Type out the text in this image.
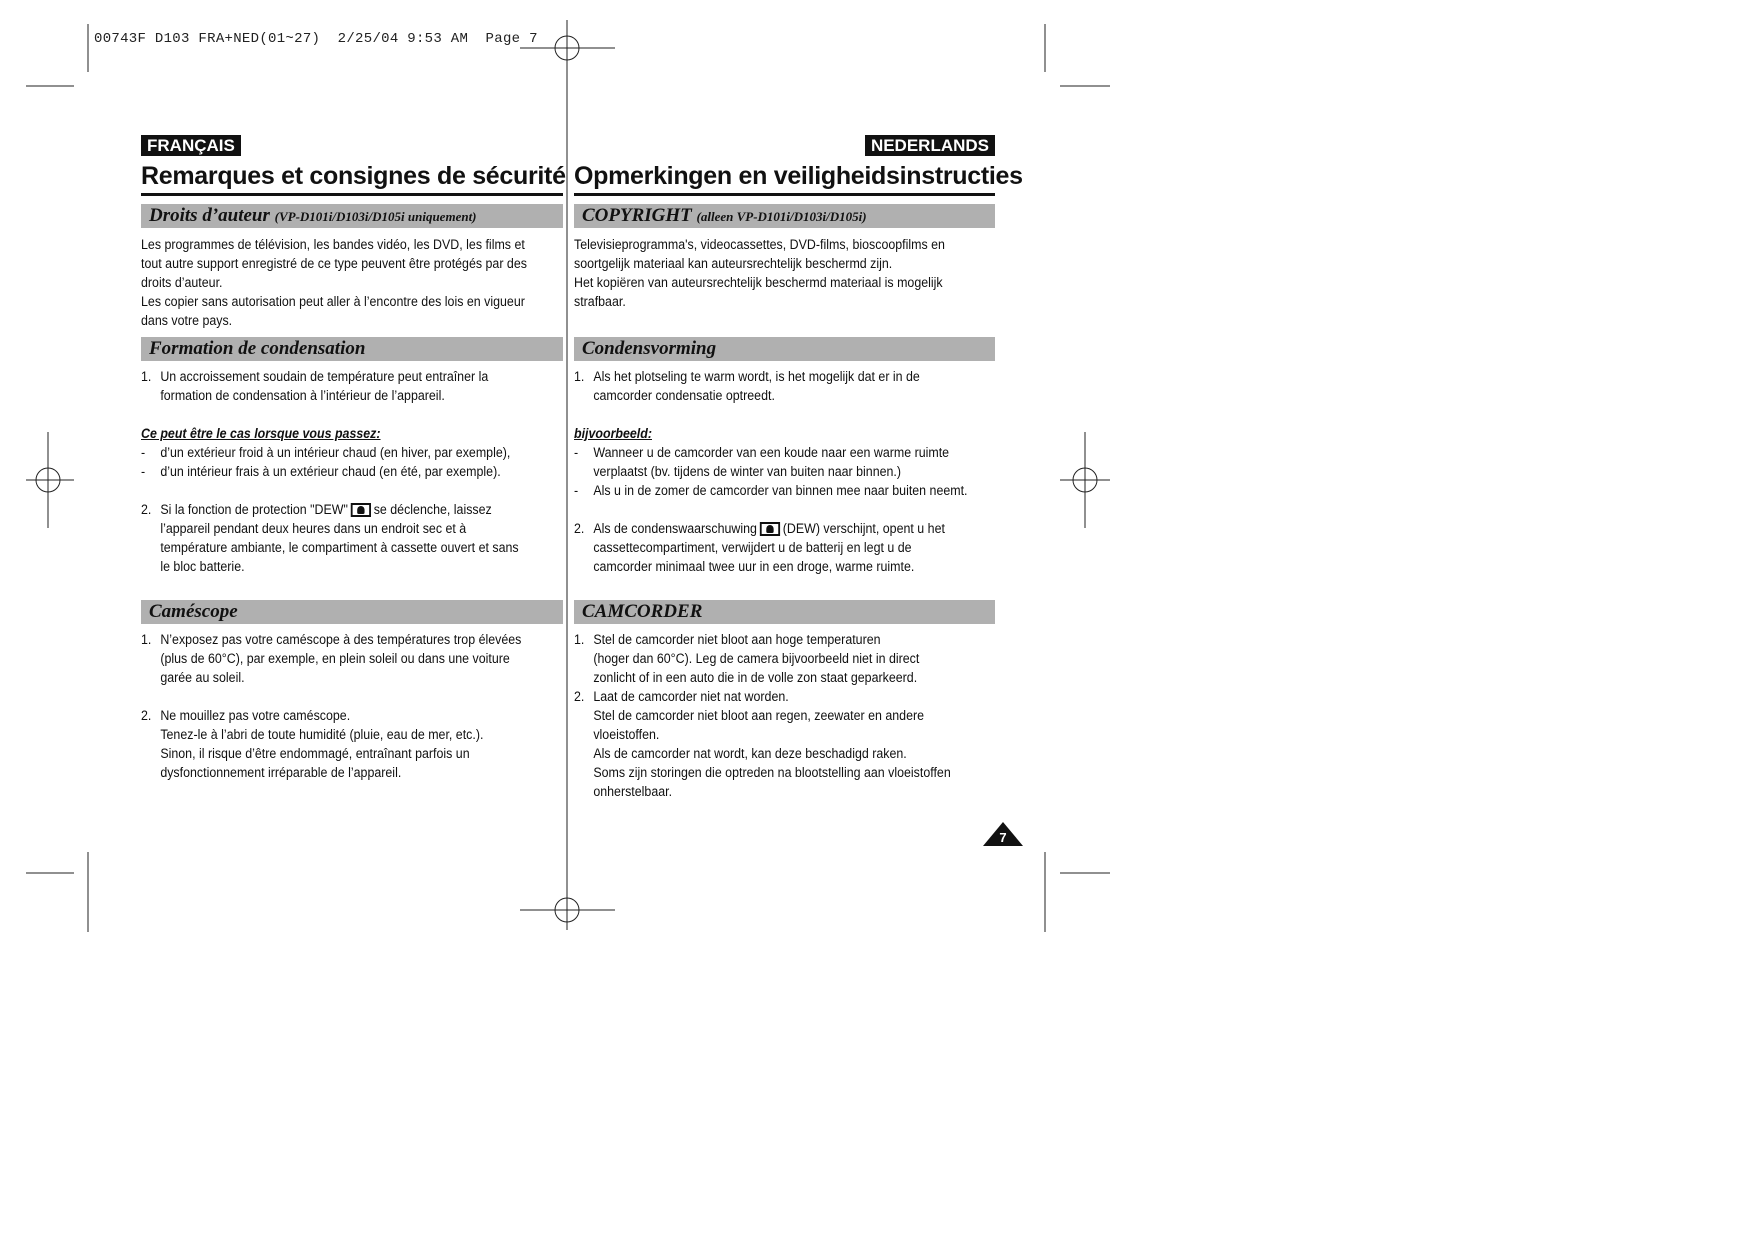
00743F D103 FRA+NED(01~27)  2/25/04 9:53 AM  Page 7
FRANÇAIS
Remarques et consignes de sécurité
Droits d’auteur (VP-D101i/D103i/D105i uniquement)

Les programmes de télévision, les bandes vidéo, les DVD, les films et

tout autre support enregistré de ce type peuvent être protégés par des

droits d’auteur.

Les copier sans autorisation peut aller à l’encontre des lois en vigueur

dans votre pays.

Formation de condensation
1. Un accroissement soudain de température peut entraîner la

formation de condensation à l’intérieur de l’appareil.

Ce peut être le cas lorsque vous passez:

-	d’un extérieur froid à un intérieur chaud (en hiver, par exemple),

-	d’un intérieur frais à un extérieur chaud (en été, par exemple).

2. Si la fonction de protection "DEW" se déclenche, laissez

l’appareil pendant deux heures dans un endroit sec et à

température ambiante, le compartiment à cassette ouvert et sans

le bloc batterie.

Caméscope
1. N’exposez pas votre caméscope à des températures trop élevées

(plus de 60°C), par exemple, en plein soleil ou dans une voiture

garée au soleil.

2. Ne mouillez pas votre caméscope.

Tenez-le à l’abri de toute humidité (pluie, eau de mer, etc.).

Sinon, il risque d’être endommagé, entraînant parfois un

dysfonctionnement irréparable de l’appareil.

NEDERLANDS
Opmerkingen en veiligheidsinstructies
COPYRIGHT (alleen VP-D101i/D103i/D105i)

Televisieprogramma's, videocassettes, DVD-films, bioscoopfilms en

soortgelijk materiaal kan auteursrechtelijk beschermd zijn.

Het kopiëren van auteursrechtelijk beschermd materiaal is mogelijk

strafbaar.

Condensvorming
1. Als het plotseling te warm wordt, is het mogelijk dat er in de

camcorder condensatie optreedt.

bijvoorbeeld:

-	Wanneer u de camcorder van een koude naar een warme ruimte

verplaatst (bv. tijdens de winter van buiten naar binnen.)

-	Als u in de zomer de camcorder van binnen mee naar buiten neemt.

2. Als de condenswaarschuwing (DEW) verschijnt, opent u het

cassettecompartiment, verwijdert u de batterij en legt u de

camcorder minimaal twee uur in een droge, warme ruimte.

CAMCORDER
1. Stel de camcorder niet bloot aan hoge temperaturen

(hoger dan 60°C). Leg de camera bijvoorbeeld niet in direct

zonlicht of in een auto die in de volle zon staat geparkeerd.

2. Laat de camcorder niet nat worden.

Stel de camcorder niet bloot aan regen, zeewater en andere

vloeistoffen.

Als de camcorder nat wordt, kan deze beschadigd raken.

Soms zijn storingen die optreden na blootstelling aan vloeistoffen

onherstelbaar.

7
